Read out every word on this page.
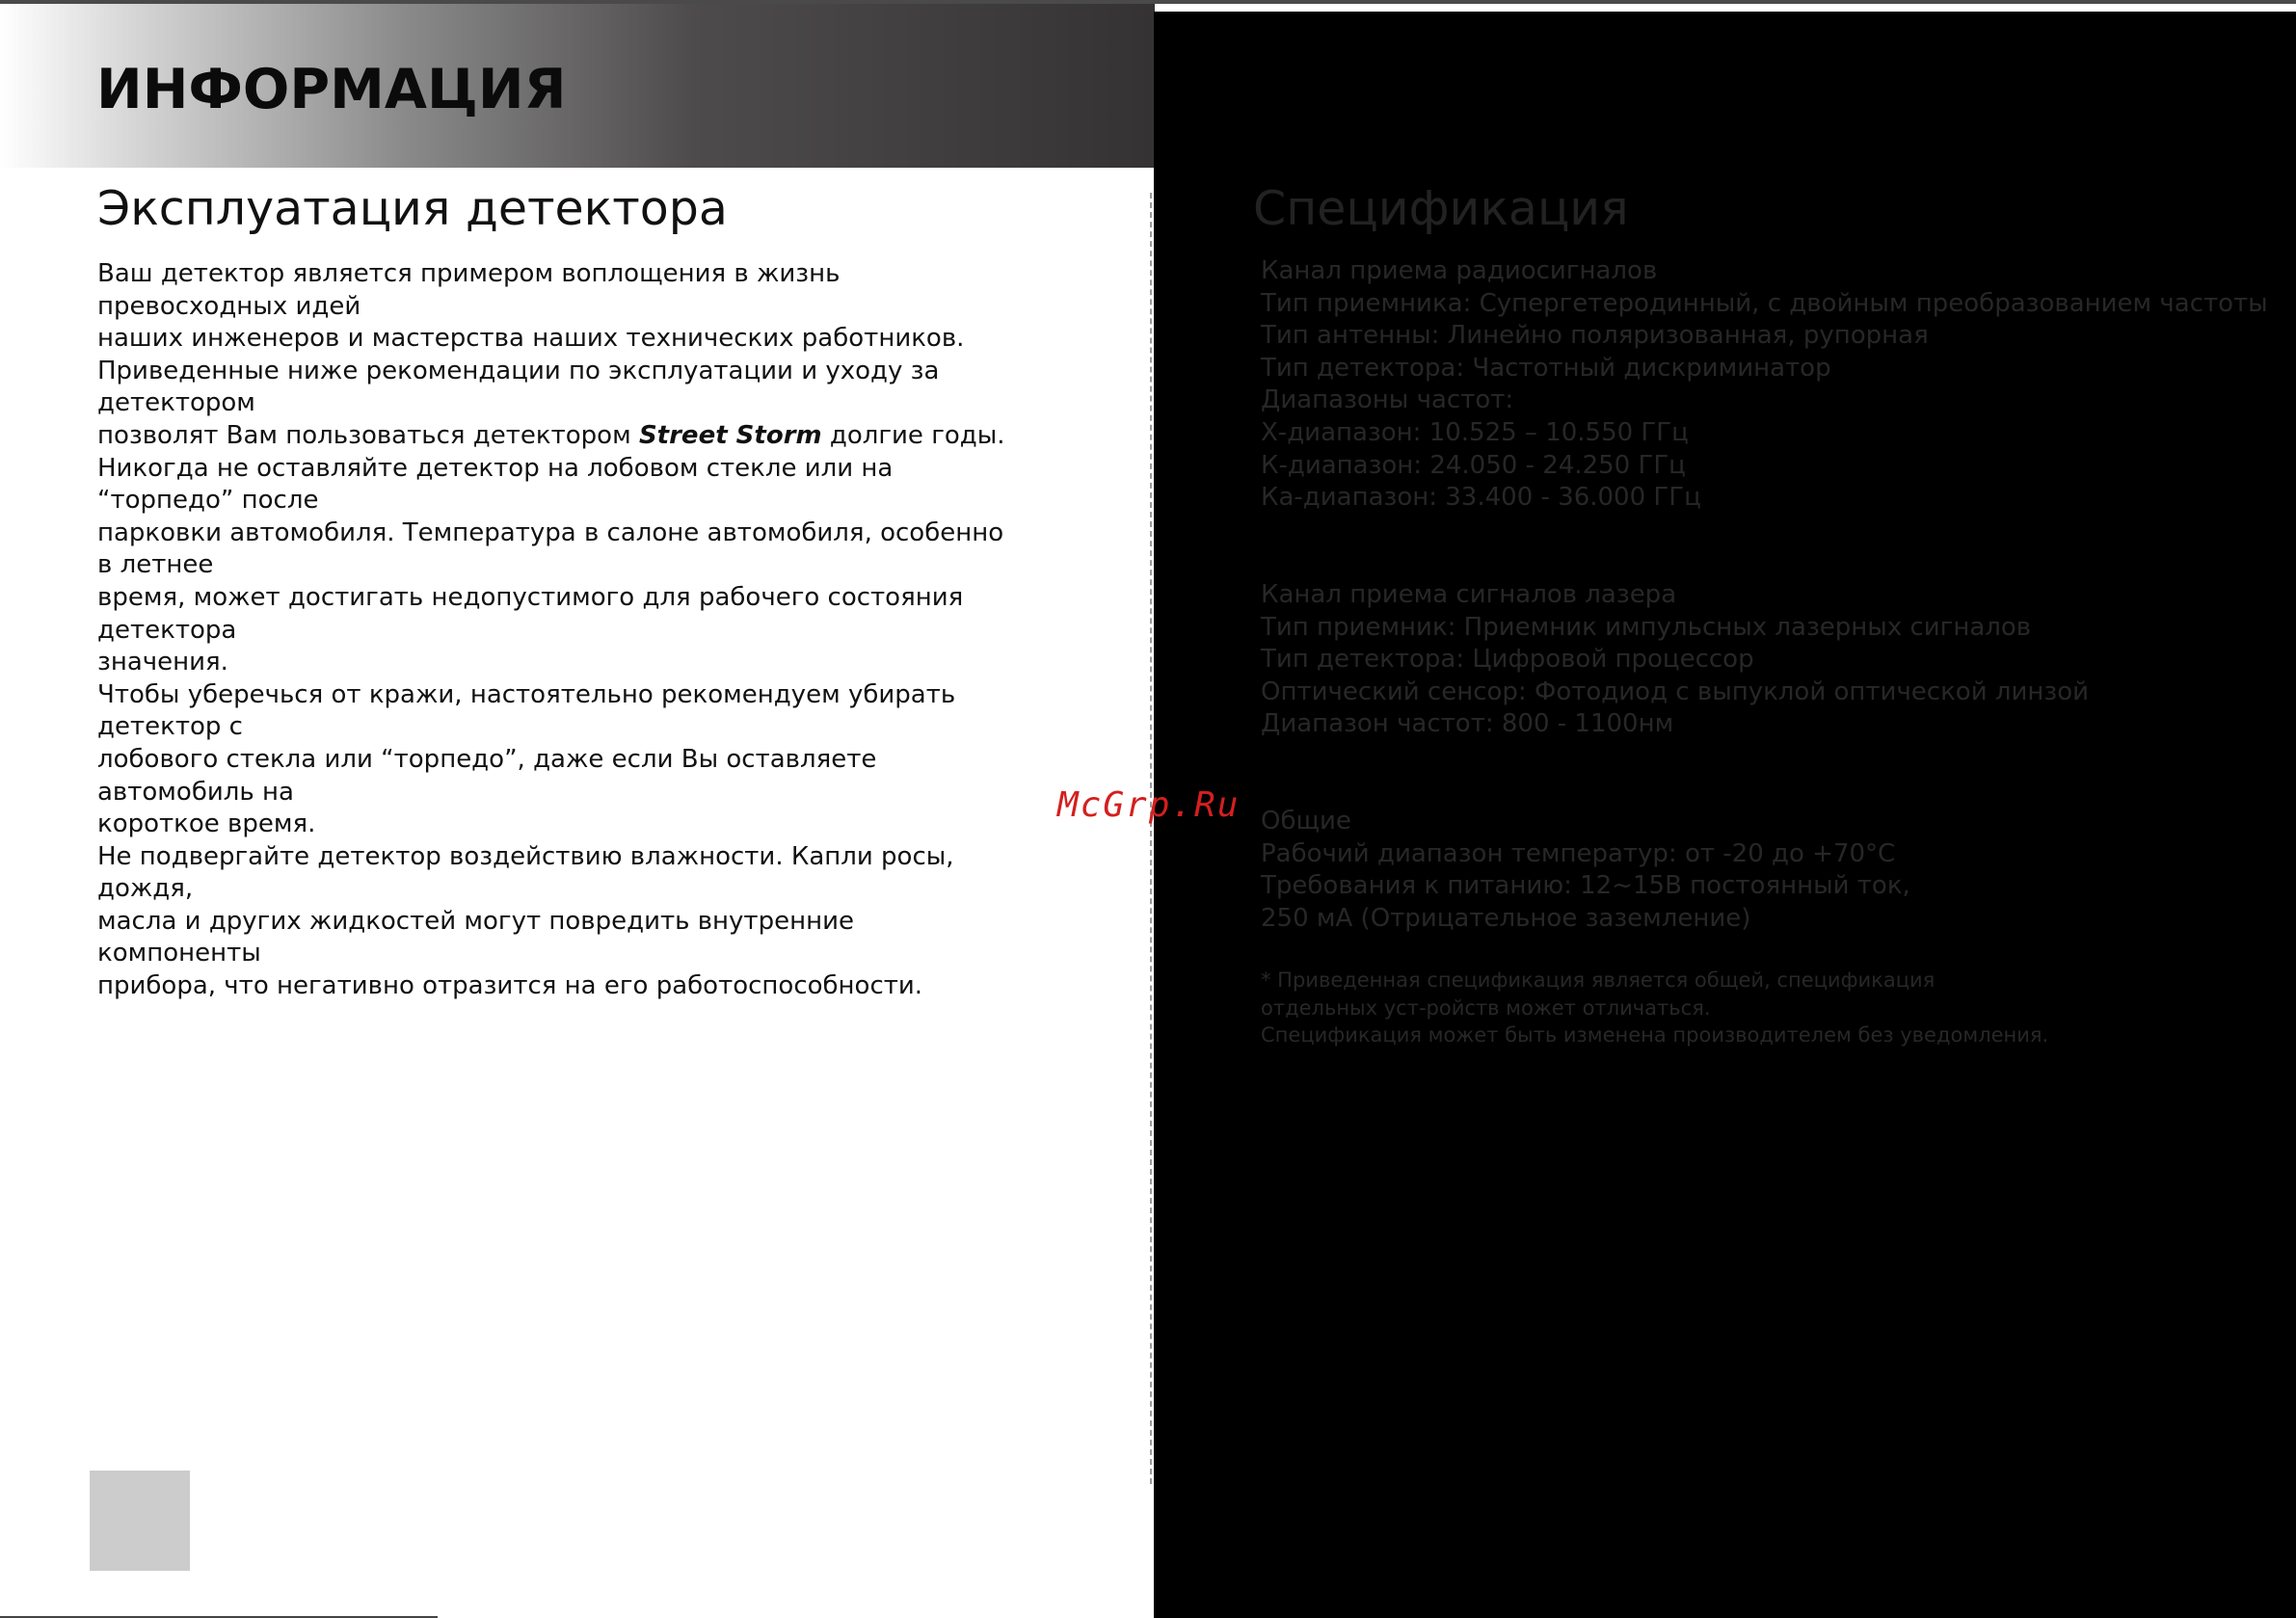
ИНФОРМАЦИЯ
Эксплуатация детектора

Ваш детектор является примером воплощения в жизнь превосходных идей

наших инженеров и мастерства наших технических работников.

Приведенные ниже рекомендации по эксплуатации и уходу за детектором

позволят Вам пользоваться детектором Street Storm долгие годы.

Никогда не оставляйте детектор на лобовом стекле или на “торпедо” после

парковки автомобиля. Температура в салоне автомобиля, особенно в летнее

время, может достигать недопустимого для рабочего состояния детектора

значения.

Чтобы уберечься от кражи, настоятельно рекомендуем убирать детектор с

лобового стекла или “торпедо”, даже если Вы оставляете автомобиль на

короткое время.

Не подвергайте детектор воздействию влажности. Капли росы, дождя,

масла и других жидкостей могут повредить внутренние компоненты

прибора, что негативно отразится на его работоспособности.

Спецификация

Канал приема радиосигналов

Тип приемника: Супергетеродинный, с двойным преобразованием частоты

Тип антенны: Линейно поляризованная, рупорная

Тип детектора: Частотный дискриминатор

Диапазоны частот:

Х-диапазон: 10.525 – 10.550 ГГц

К-диапазон: 24.050 - 24.250 ГГц

Ка-диапазон: 33.400 - 36.000 ГГц

Канал приема сигналов лазера

Тип приемник: Приемник импульсных лазерных сигналов

Тип детектора: Цифровой процессор

Оптический сенсор: Фотодиод с выпуклой оптической линзой

Диапазон частот: 800 - 1100нм

Общие

Рабочий диапазон температур: от -20 до +70°C

Требования к питанию: 12~15В постоянный ток,

250 мА (Отрицательное заземление)

* Приведенная спецификация является общей, спецификация

отдельных уст-ройств может отличаться.

Спецификация может быть изменена производителем без уведомления.

McGrp.Ru
